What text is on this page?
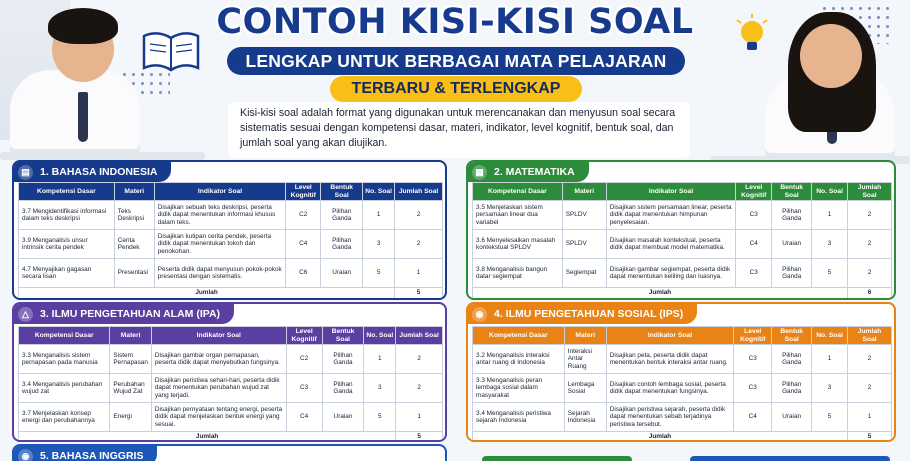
CONTOH KISI-KISI SOAL
LENGKAP UNTUK BERBAGAI MATA PELAJARAN
TERBARU & TERLENGKAP
Kisi-kisi soal adalah format yang digunakan untuk merencanakan dan menyusun soal secara sistematis sesuai dengan kompetensi dasar, materi, indikator, level kognitif, bentuk soal, dan jumlah soal yang akan diujikan.
▤ 1. BAHASA INDONESIA
Kompetensi Dasar	Materi	Indikator Soal	Level Kognitif	Bentuk Soal	No. Soal	Jumlah Soal
3.7 Mengidentifikasi informasi dalam teks deskripsi	Teks Deskripsi	Disajikan sebuah teks deskripsi, peserta didik dapat menentukan informasi khusus dalam teks.	C2	Pilihan Ganda	1	2
3.9 Menganalisis unsur intrinsik cerita pendek	Cerita Pendek	Disajikan kutipan cerita pendek, peserta didik dapat menentukan tokoh dan penokohan.	C4	Pilihan Ganda	3	2
4.7 Menyajikan gagasan secara lisan	Presentasi	Peserta didik dapat menyusun pokok-pokok presentasi dengan sistematis.	C6	Uraian	5	1
Jumlah						5
▦ 2. MATEMATIKA
Kompetensi Dasar	Materi	Indikator Soal	Level Kognitif	Bentuk Soal	No. Soal	Jumlah Soal
3.5 Menjelaskan sistem persamaan linear dua variabel	SPLDV	Disajikan sistem persamaan linear, peserta didik dapat menentukan himpunan penyelesaian.	C3	Pilihan Ganda	1	2
3.6 Menyelesaikan masalah kontekstual SPLDV	SPLDV	Disajikan masalah kontekstual, peserta didik dapat membuat model matematika.	C4	Uraian	3	2
3.8 Menganalisis bangun datar segiempat	Segiempat	Disajikan gambar segiempat, peserta didik dapat menentukan keliling dan luasnya.	C3	Pilihan Ganda	5	2
Jumlah						6
△	3. ILMU PENGETAHUAN ALAM (IPA)
Kompetensi Dasar	Materi	Indikator Soal	Level Kognitif	Bentuk Soal	No. Soal	Jumlah Soal
3.3 Menganalisis sistem pernapasan pada manusia	Sistem Pernapasan	Disajikan gambar organ pernapasan, peserta didik dapat menyebutkan fungsinya.	C2	Pilihan Ganda	1	2
3.4 Menganalisis perubahan wujud zat	Perubahan Wujud Zat	Disajikan peristiwa sehari-hari, peserta didik dapat menentukan perubahan wujud zat yang terjadi.	C3	Pilihan Ganda	3	2
3.7 Menjelaskan konsep energi dan perubahannya	Energi	Disajikan pernyataan tentang energi, peserta didik dapat menjelaskan bentuk energi yang sesuai.	C4	Uraian	5	1
Jumlah						5
◉	4. ILMU PENGETAHUAN SOSIAL (IPS)
Kompetensi Dasar	Materi	Indikator Soal	Level Kognitif	Bentuk Soal	No. Soal	Jumlah Soal
3.2 Menganalisis interaksi antar ruang di Indonesia	Interaksi Antar Ruang	Disajikan peta, peserta didik dapat menentukan bentuk interaksi antar ruang.	C3	Pilihan Ganda	1	2
3.3 Menganalisis peran lembaga sosial dalam masyarakat	Lembaga Sosial	Disajikan contoh lembaga sosial, peserta didik dapat menentukan fungsinya.	C3	Pilihan Ganda	3	2
3.4 Menganalisis peristiwa sejarah Indonesia	Sejarah Indonesia	Disajikan peristiwa sejarah, peserta didik dapat menentukan sebab terjadinya peristiwa tersebut.	C4	Uraian	5	1
Jumlah						5
◉	5. BAHASA INGGRIS
